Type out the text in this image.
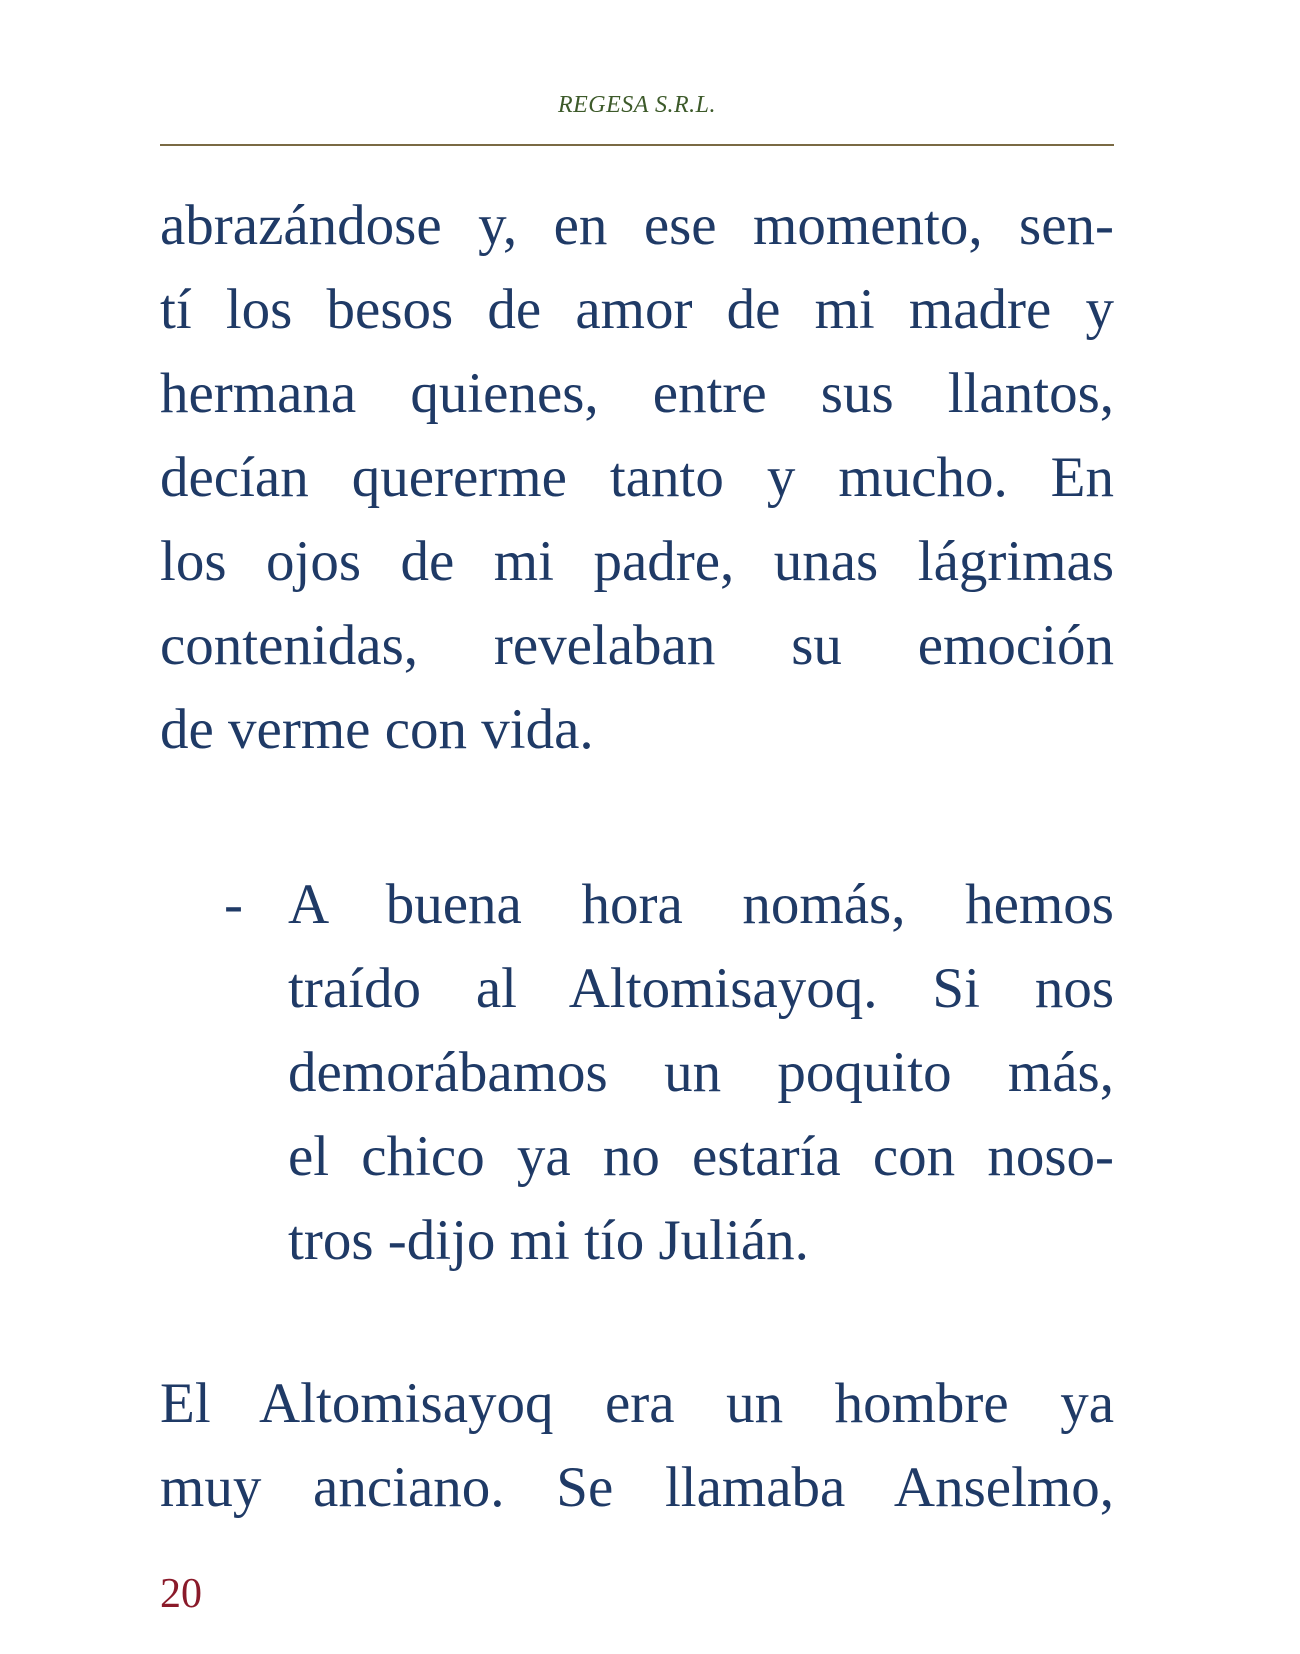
REGESA S.R.L.
abrazándose y, en ese momento, sen-
tí los besos de amor de mi madre y
hermana quienes, entre sus llantos,
decían quererme tanto y mucho. En
los ojos de mi padre, unas lágrimas
contenidas, revelaban su emoción
de verme con vida.
- A buena hora nomás, hemos
traído al Altomisayoq. Si nos
demorábamos un poquito más,
el chico ya no estaría con noso-
tros -dijo mi tío Julián.
El Altomisayoq era un hombre ya
muy anciano. Se llamaba Anselmo,
20
